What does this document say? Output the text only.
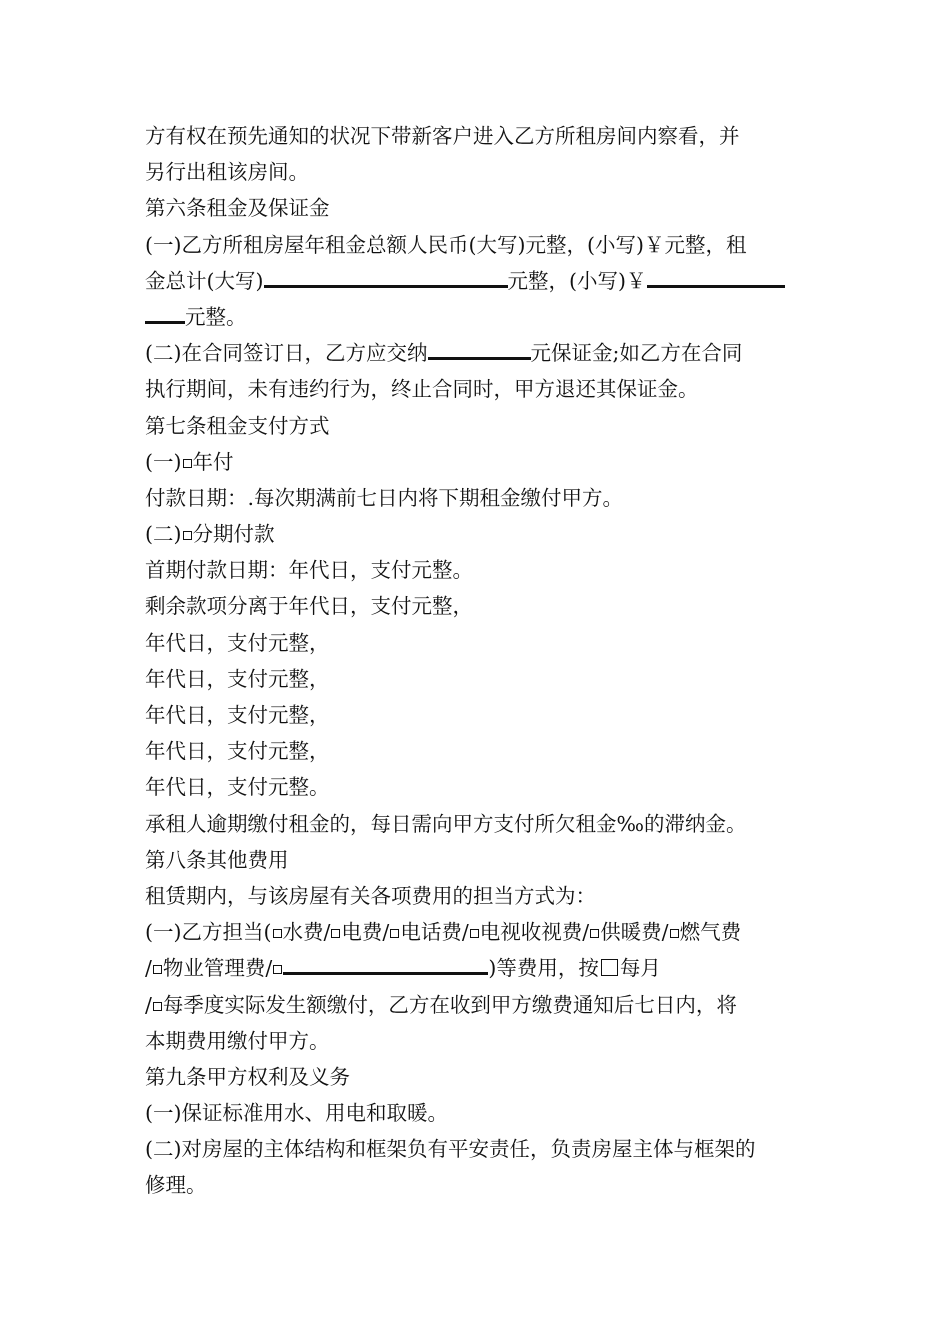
方有权在预先通知的状况下带新客户进入乙方所租房间内察看，并
另行出租该房间。
第六条租金及保证金
(一)乙方所租房屋年租金总额人民币(大写)元整，(小写)￥元整，租
金总计(大写)	元整，(小写)￥
元整。
(二)在合同签订日，乙方应交纳	元保证金;如乙方在合同
执行期间，未有违约行为，终止合同时，甲方退还其保证金。
第七条租金支付方式
(一) 年付
付款日期：.每次期满前七日内将下期租金缴付甲方。
(二) 分期付款
首期付款日期：年代日，支付元整。
剩余款项分离于年代日，支付元整，
年代日，支付元整，
年代日，支付元整，
年代日，支付元整，
年代日，支付元整，
年代日，支付元整。
承租人逾期缴付租金的，每日需向甲方支付所欠租金‰的滞纳金。
第八条其他费用
租赁期内，与该房屋有关各项费用的担当方式为：
(一)乙方担当( 水费/ 电费/ 电话费/ 电视收视费/ 供暖费/ 燃气费
/ 物业管理费/	)等费用，按 每月
/ 每季度实际发生额缴付，乙方在收到甲方缴费通知后七日内，将
本期费用缴付甲方。
第九条甲方权利及义务
(一)保证标准用水、用电和取暖。
(二)对房屋的主体结构和框架负有平安责任，负责房屋主体与框架的
修理。
